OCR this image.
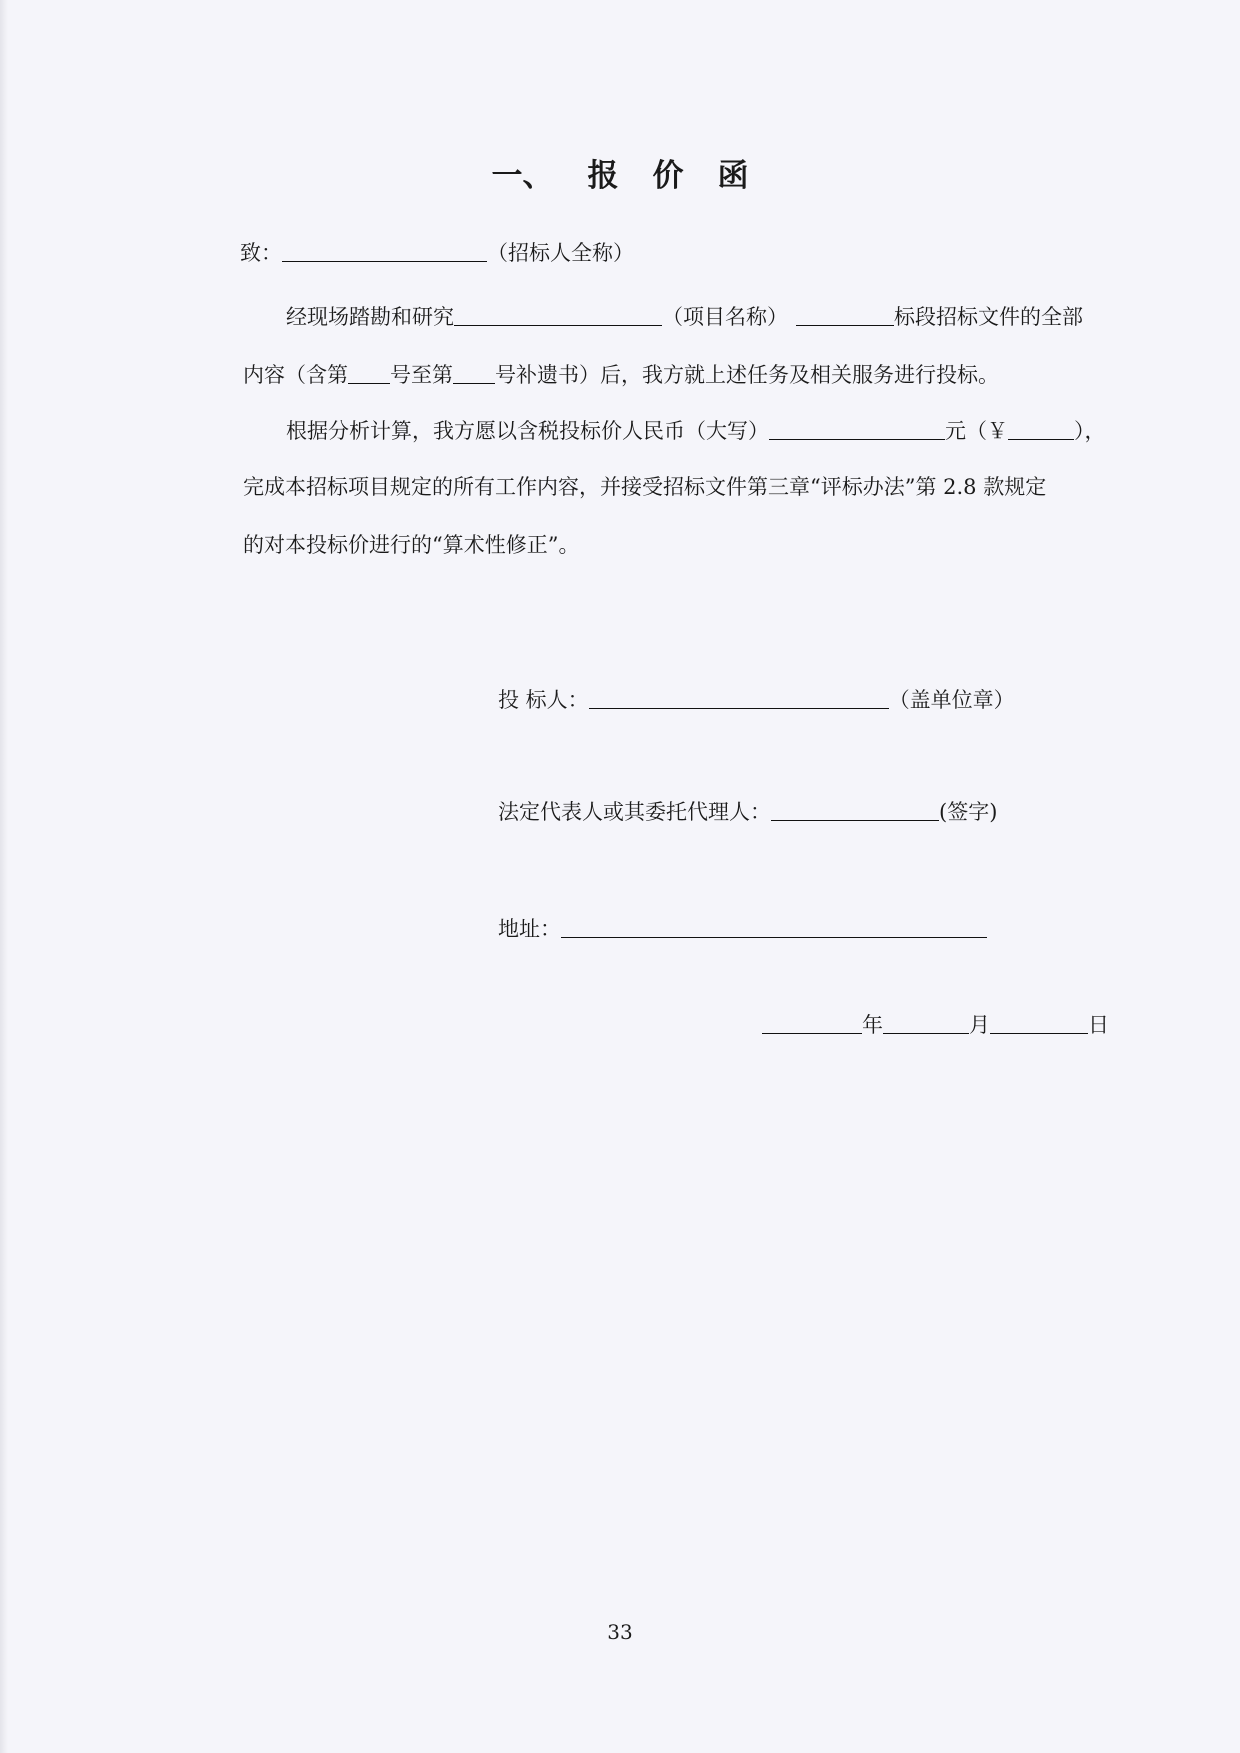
一、 报 价 函
致：	（招标人全称）
经现场踏勘和研究	（项目名称）	标段招标文件的全部
内容（含第 号至第 号补遗书）后，我方就上述任务及相关服务进行投标。
根据分析计算，我方愿以含税投标价人民币（大写）	元（￥	），
完成本招标项目规定的所有工作内容，并接受招标文件第三章“评标办法”第 2.8 款规定
的对本投标价进行的“算术性修正”。
投 标人：	（盖单位章）
法定代表人或其委托代理人：	(签字)
地址：
年	月	日
33
